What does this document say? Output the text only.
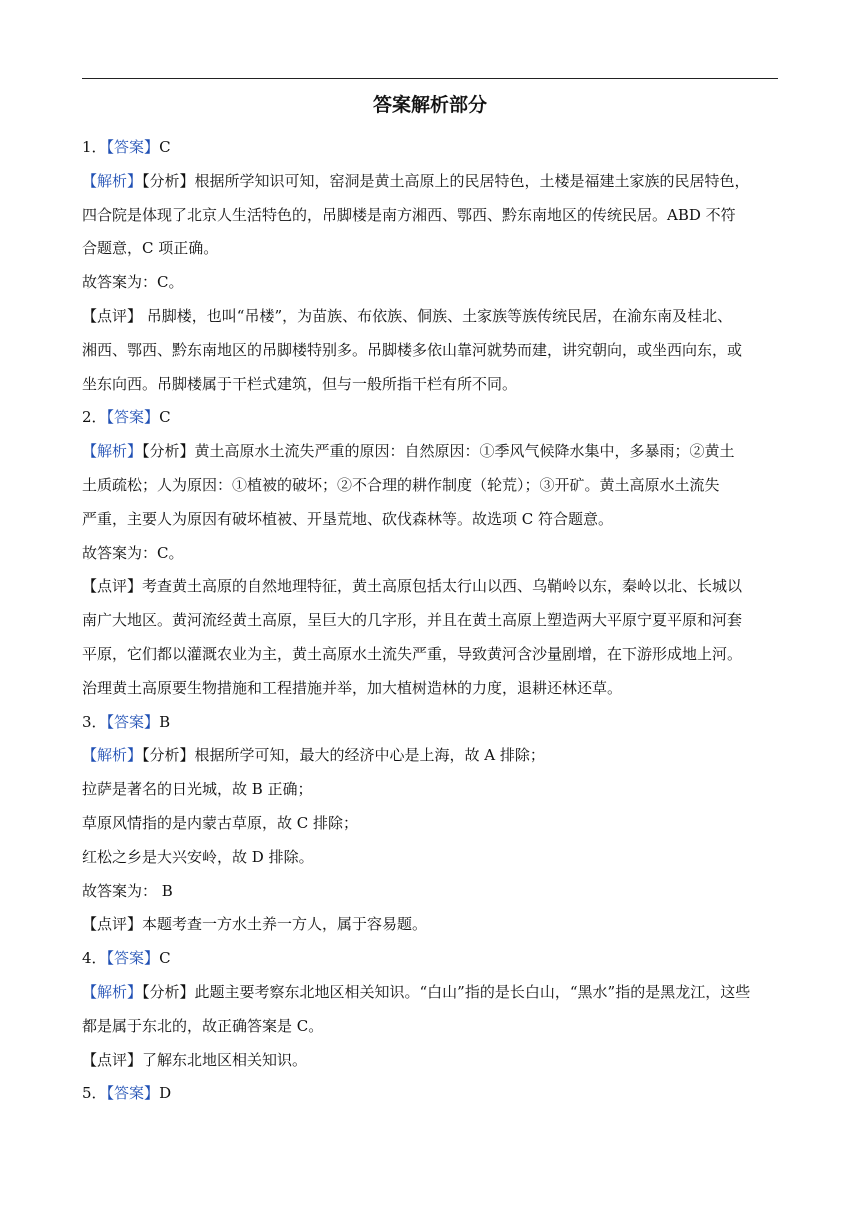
答案解析部分

1．【答案】C

【解析】【分析】根据所学知识可知，窑洞是黄土高原上的民居特色，土楼是福建土家族的民居特色，

四合院是体现了北京人生活特色的，吊脚楼是南方湘西、鄂西、黔东南地区的传统民居。ABD 不符

合题意，C 项正确。

故答案为：C。

【点评】 吊脚楼，也叫“吊楼”，为苗族、布依族、侗族、土家族等族传统民居，在渝东南及桂北、

湘西、鄂西、黔东南地区的吊脚楼特别多。吊脚楼多依山靠河就势而建，讲究朝向，或坐西向东，或

坐东向西。吊脚楼属于干栏式建筑，但与一般所指干栏有所不同。

2．【答案】C

【解析】【分析】黄土高原水土流失严重的原因：自然原因：①季风气候降水集中，多暴雨；②黄土

土质疏松；人为原因：①植被的破坏；②不合理的耕作制度（轮荒）；③开矿。黄土高原水土流失

严重，主要人为原因有破坏植被、开垦荒地、砍伐森林等。故选项 C 符合题意。

故答案为：C。

【点评】考查黄土高原的自然地理特征，黄土高原包括太行山以西、乌鞘岭以东，秦岭以北、长城以

南广大地区。黄河流经黄土高原，呈巨大的几字形，并且在黄土高原上塑造两大平原宁夏平原和河套

平原，它们都以灌溉农业为主，黄土高原水土流失严重，导致黄河含沙量剧增，在下游形成地上河。

治理黄土高原要生物措施和工程措施并举，加大植树造林的力度，退耕还林还草。

3．【答案】B

【解析】【分析】根据所学可知，最大的经济中心是上海，故 A 排除；

拉萨是著名的日光城，故 B 正确；

草原风情指的是内蒙古草原，故 C 排除；

红松之乡是大兴安岭，故 D 排除。

故答案为： B

【点评】本题考查一方水土养一方人，属于容易题。

4．【答案】C

【解析】【分析】此题主要考察东北地区相关知识。“白山”指的是长白山，“黑水”指的是黑龙江，这些

都是属于东北的，故正确答案是 C。

【点评】了解东北地区相关知识。

5．【答案】D
